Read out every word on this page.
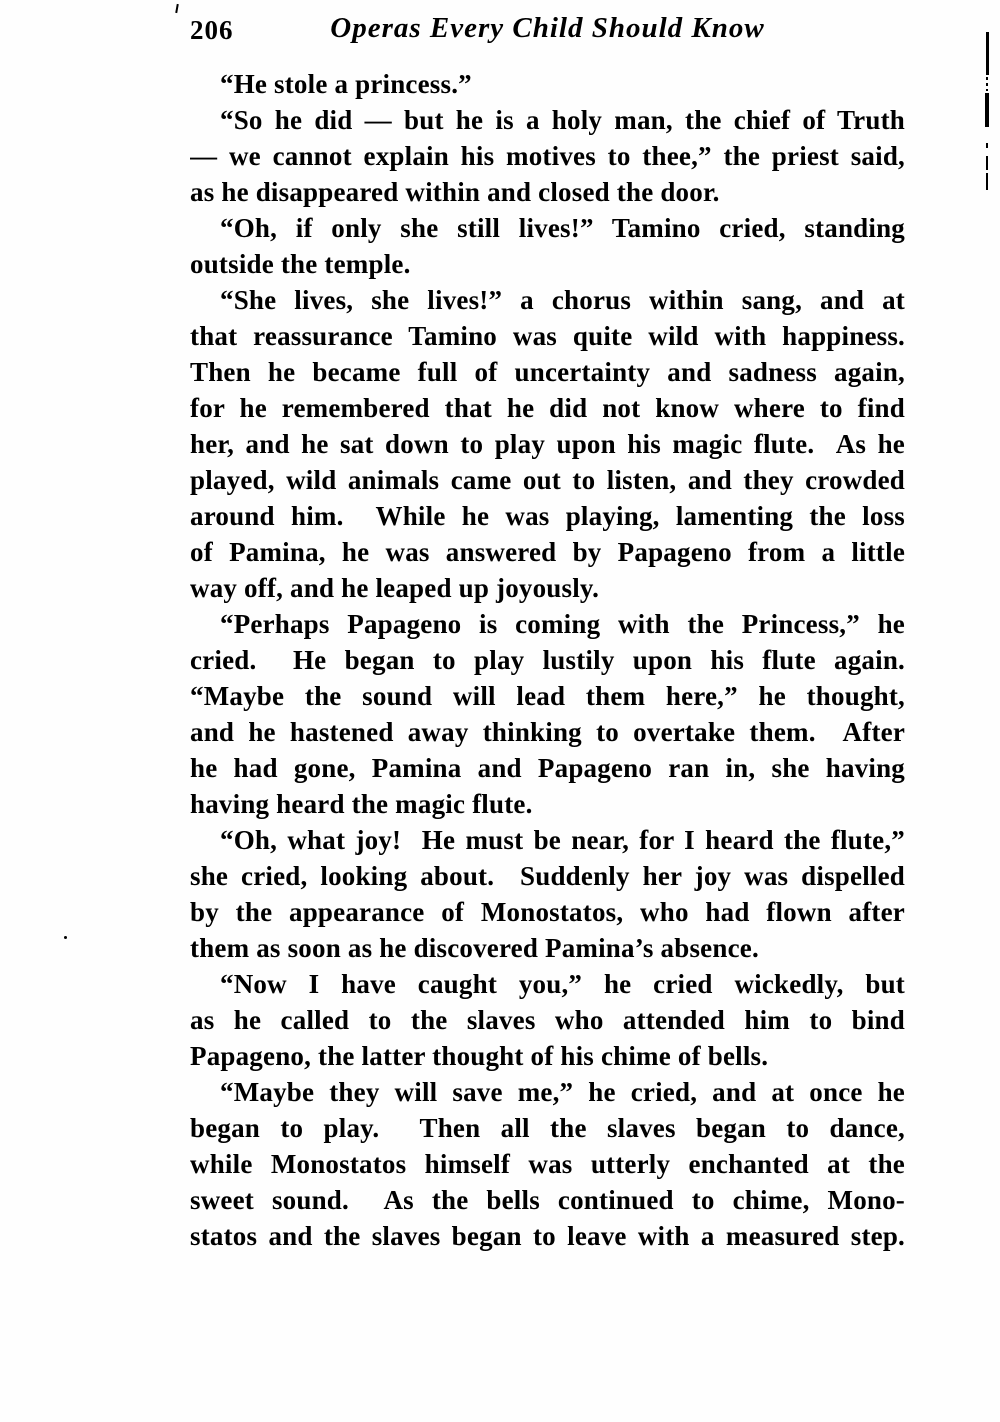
206	Operas Every Child Should Know
“He stole a princess.”
“So he did — but he is a holy man, the chief of Truth
— we cannot explain his motives to thee,” the priest said,
as he disappeared within and closed the door.
“Oh, if only she still lives!” Tamino cried, standing
outside the temple.
“She lives, she lives!” a chorus within sang, and at
that reassurance Tamino was quite wild with happiness.
Then he became full of uncertainty and sadness again,
for he remembered that he did not know where to find
her, and he sat down to play upon his magic flute.  As he
played, wild animals came out to listen, and they crowded
around him.  While he was playing, lamenting the loss
of Pamina, he was answered by Papageno from a little
way off, and he leaped up joyously.
“Perhaps Papageno is coming with the Princess,” he
cried.  He began to play lustily upon his flute again.
“Maybe the sound will lead them here,” he thought,
and he hastened away thinking to overtake them.  After
he had gone, Pamina and Papageno ran in, she having
having heard the magic flute.
“Oh, what joy!  He must be near, for I heard the flute,”
she cried, looking about.  Suddenly her joy was dispelled
by the appearance of Monostatos, who had flown after
them as soon as he discovered Pamina’s absence.
“Now I have caught you,” he cried wickedly, but
as he called to the slaves who attended him to bind
Papageno, the latter thought of his chime of bells.
“Maybe they will save me,” he cried, and at once he
began to play.  Then all the slaves began to dance,
while Monostatos himself was utterly enchanted at the
sweet sound.  As the bells continued to chime, Mono-
statos and the slaves began to leave with a measured step.
